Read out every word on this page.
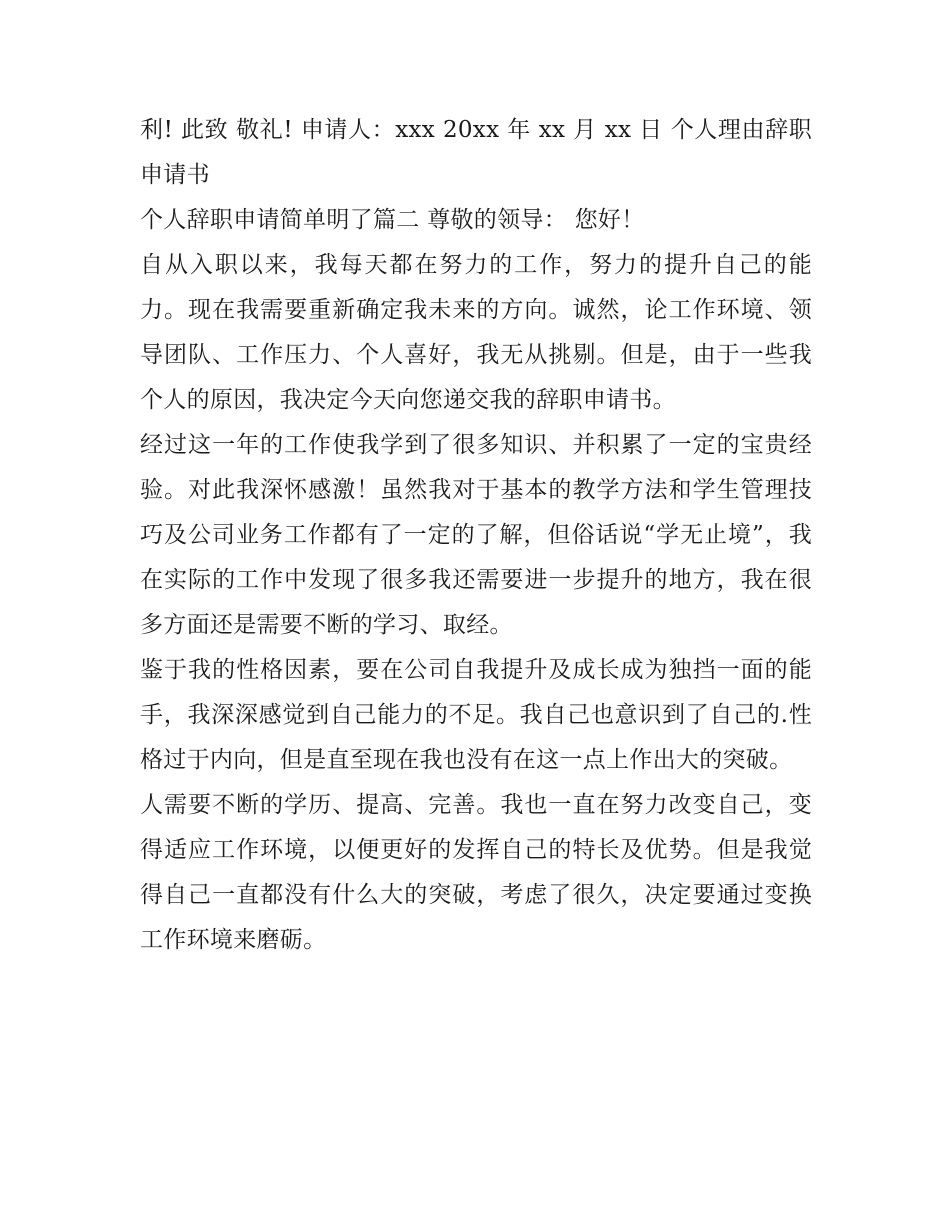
利! 此致 敬礼! 申请人：xxx 20xx 年 xx 月 xx 日 个人理由辞职申请书

个人辞职申请简单明了篇二 尊敬的领导： 您好！

自从入职以来，我每天都在努力的工作，努力的提升自己的能力。现在我需要重新确定我未来的方向。诚然，论工作环境、领导团队、工作压力、个人喜好，我无从挑剔。但是，由于一些我个人的原因，我决定今天向您递交我的辞职申请书。

经过这一年的工作使我学到了很多知识、并积累了一定的宝贵经验。对此我深怀感激！虽然我对于基本的教学方法和学生管理技巧及公司业务工作都有了一定的了解，但俗话说“学无止境”，我在实际的工作中发现了很多我还需要进一步提升的地方，我在很多方面还是需要不断的学习、取经。

鉴于我的性格因素，要在公司自我提升及成长成为独挡一面的能手，我深深感觉到自己能力的不足。我自己也意识到了自己的.性格过于内向，但是直至现在我也没有在这一点上作出大的突破。

人需要不断的学历、提高、完善。我也一直在努力改变自己，变得适应工作环境，以便更好的发挥自己的特长及优势。但是我觉得自己一直都没有什么大的突破，考虑了很久，决定要通过变换工作环境来磨砺。
